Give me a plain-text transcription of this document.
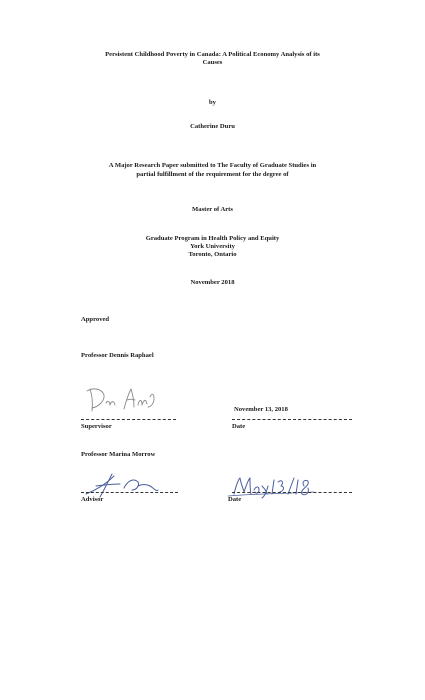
Persistent Childhood Poverty in Canada: A Political Economy Analysis of its
Causes
by
Catherine Duru
A Major Research Paper submitted to The Faculty of Graduate Studies in
partial fulfillment of the requirement for the degree of
Master of Arts
Graduate Program in Health Policy and Equity
York University
Toronto, Ontario
November 2018
Approved
Professor Dennis Raphael
November 13, 2018
Supervisor	Date
Professor Marina Morrow
Advisor	Date
